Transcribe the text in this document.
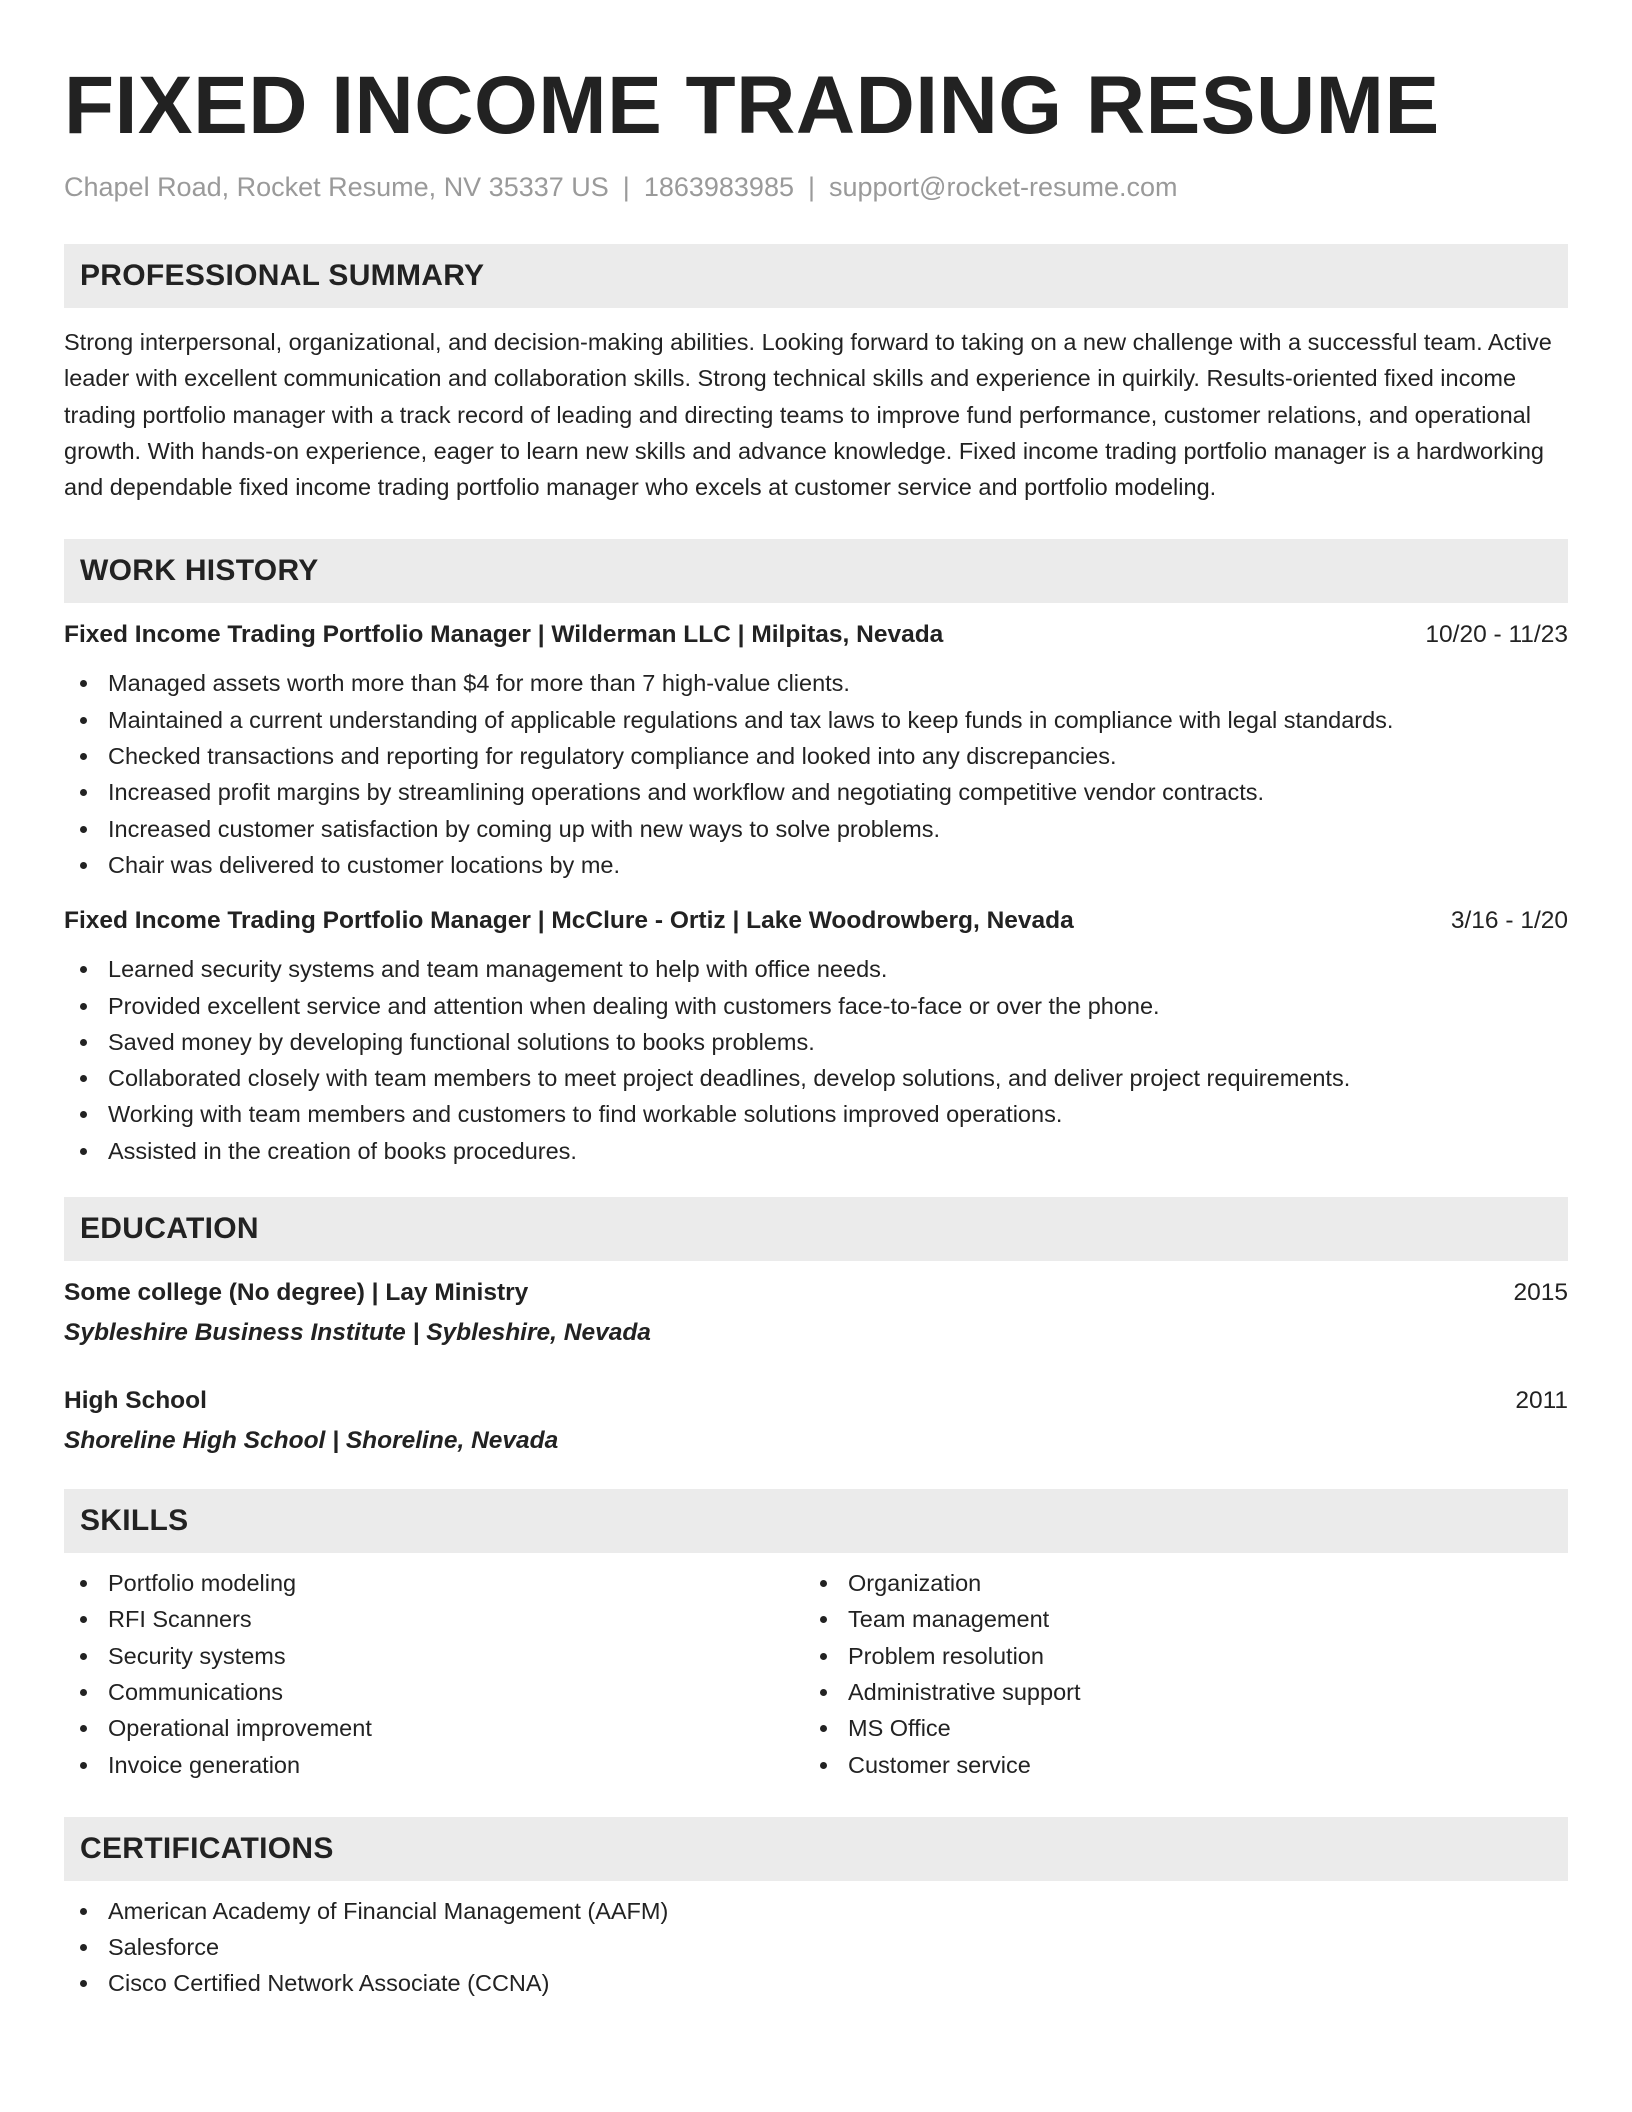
FIXED INCOME TRADING RESUME
Chapel Road, Rocket Resume, NV 35337 US | 1863983985 | support@rocket-resume.com
PROFESSIONAL SUMMARY

Strong interpersonal, organizational, and decision-making abilities. Looking forward to taking on a new challenge with a successful team. Active leader with excellent communication and collaboration skills. Strong technical skills and experience in quirkily. Results-oriented fixed income trading portfolio manager with a track record of leading and directing teams to improve fund performance, customer relations, and operational growth. With hands-on experience, eager to learn new skills and advance knowledge. Fixed income trading portfolio manager is a hardworking and dependable fixed income trading portfolio manager who excels at customer service and portfolio modeling.

WORK HISTORY
Fixed Income Trading Portfolio Manager | Wilderman LLC | Milpitas, Nevada	10/20 - 11/23
Managed assets worth more than $4 for more than 7 high-value clients.
Maintained a current understanding of applicable regulations and tax laws to keep funds in compliance with legal standards.
Checked transactions and reporting for regulatory compliance and looked into any discrepancies.
Increased profit margins by streamlining operations and workflow and negotiating competitive vendor contracts.
Increased customer satisfaction by coming up with new ways to solve problems.
Chair was delivered to customer locations by me.
Fixed Income Trading Portfolio Manager | McClure - Ortiz | Lake Woodrowberg, Nevada	3/16 - 1/20
Learned security systems and team management to help with office needs.
Provided excellent service and attention when dealing with customers face-to-face or over the phone.
Saved money by developing functional solutions to books problems.
Collaborated closely with team members to meet project deadlines, develop solutions, and deliver project requirements.
Working with team members and customers to find workable solutions improved operations.
Assisted in the creation of books procedures.
EDUCATION
Some college (No degree) | Lay Ministry	2015
Sybleshire Business Institute | Sybleshire, Nevada
High School	2011
Shoreline High School | Shoreline, Nevada
SKILLS
Portfolio modeling
RFI Scanners
Security systems
Communications
Operational improvement
Invoice generation
Organization
Team management
Problem resolution
Administrative support
MS Office
Customer service
CERTIFICATIONS
American Academy of Financial Management (AAFM)
Salesforce
Cisco Certified Network Associate (CCNA)
